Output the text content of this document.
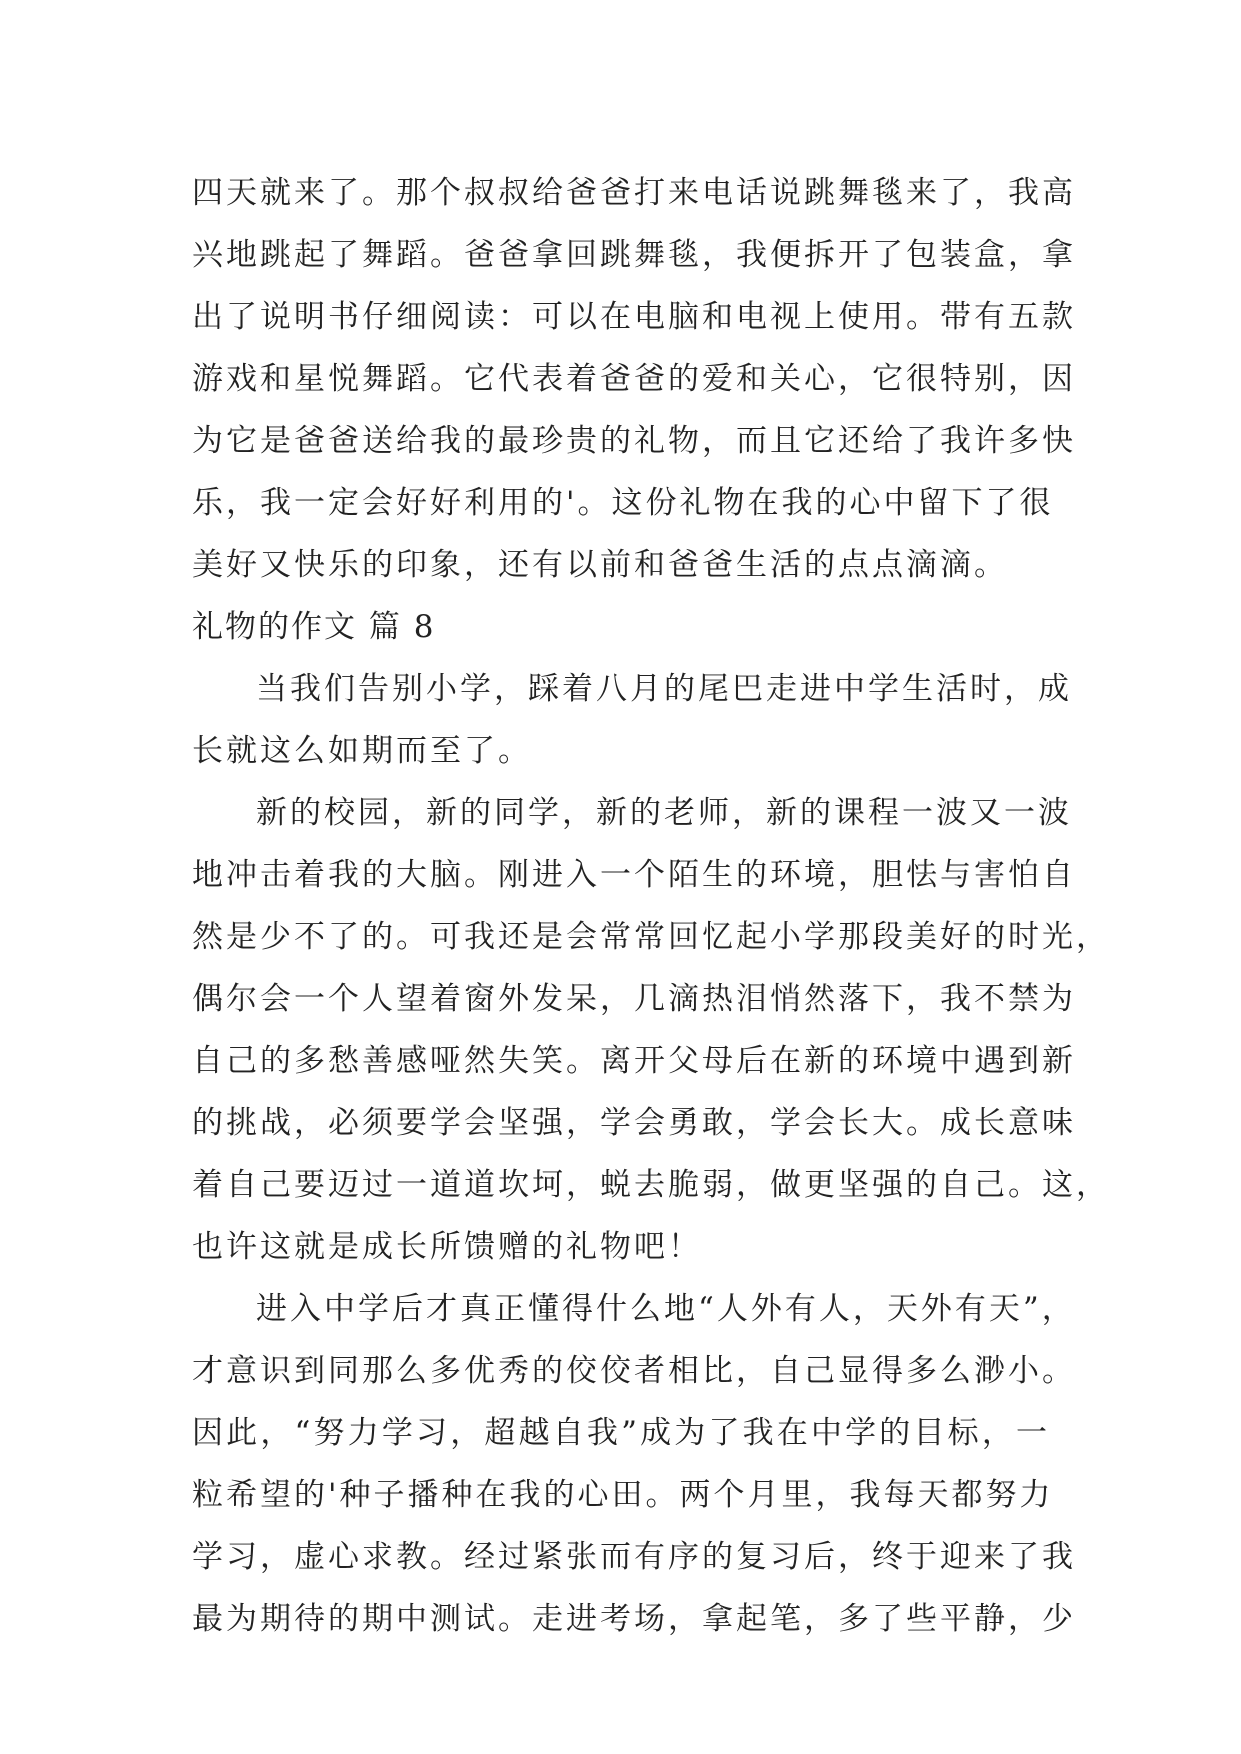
四天就来了。那个叔叔给爸爸打来电话说跳舞毯来了，我高
兴地跳起了舞蹈。爸爸拿回跳舞毯，我便拆开了包装盒，拿
出了说明书仔细阅读：可以在电脑和电视上使用。带有五款
游戏和星悦舞蹈。它代表着爸爸的爱和关心，它很特别，因
为它是爸爸送给我的最珍贵的礼物，而且它还给了我许多快
乐，我一定会好好利用的'。这份礼物在我的心中留下了很
美好又快乐的印象，还有以前和爸爸生活的点点滴滴。
礼物的作文 篇 8
当我们告别小学，踩着八月的尾巴走进中学生活时，成
长就这么如期而至了。
新的校园，新的同学，新的老师，新的课程一波又一波
地冲击着我的大脑。刚进入一个陌生的环境，胆怯与害怕自
然是少不了的。可我还是会常常回忆起小学那段美好的时光，
偶尔会一个人望着窗外发呆，几滴热泪悄然落下，我不禁为
自己的多愁善感哑然失笑。离开父母后在新的环境中遇到新
的挑战，必须要学会坚强，学会勇敢，学会长大。成长意味
着自己要迈过一道道坎坷，蜕去脆弱，做更坚强的自己。这，
也许这就是成长所馈赠的礼物吧！
进入中学后才真正懂得什么地“人外有人，天外有天”，
才意识到同那么多优秀的佼佼者相比，自己显得多么渺小。
因此，“努力学习，超越自我”成为了我在中学的目标，一
粒希望的'种子播种在我的心田。两个月里，我每天都努力
学习，虚心求教。经过紧张而有序的复习后，终于迎来了我
最为期待的期中测试。走进考场，拿起笔，多了些平静，少
